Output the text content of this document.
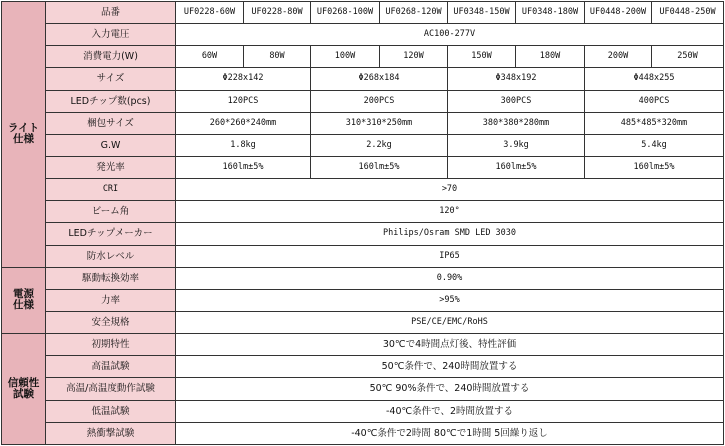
ライト
仕様	品番	UF0228-60W	UF0228-80W	UF0268-100W	UF0268-120W	UF0348-150W	UF0348-180W	UF0448-200W	UF0448-250W
	入力電圧	AC100-277V							
	消費電力(W)	60W	80W	100W	120W	150W	180W	200W	250W
	サイズ	Φ228x142		Φ268x184		Φ348x192		Φ448x255	
	LEDチップ数(pcs)	120PCS		200PCS		300PCS		400PCS	
	梱包サイズ	260*260*240mm		310*310*250mm		380*380*280mm		485*485*320mm	
	G.W	1.8kg		2.2kg		3.9kg		5.4kg	
	発光率	160lm±5%		160lm±5%		160lm±5%		160lm±5%	
	CRI	>70							
	ビーム角	120°							
	LEDチップメーカー	Philips/Osram SMD LED 3030							
	防水レベル	IP65							
電源
仕様	駆動転換効率	0.90%							
	力率	>95%							
	安全規格	PSE/CE/EMC/RoHS							
信頼性
試験	初期特性	30℃で4時間点灯後、特性評価							
	高温試験	50℃条件で、240時間放置する							
	高温/高温度動作試験	50℃ 90%条件で、240時間放置する							
	低温試験	-40℃条件で、2時間放置する							
	熱衝撃試験	-40℃条件で2時間 80℃で1時間 5回繰り返し							
